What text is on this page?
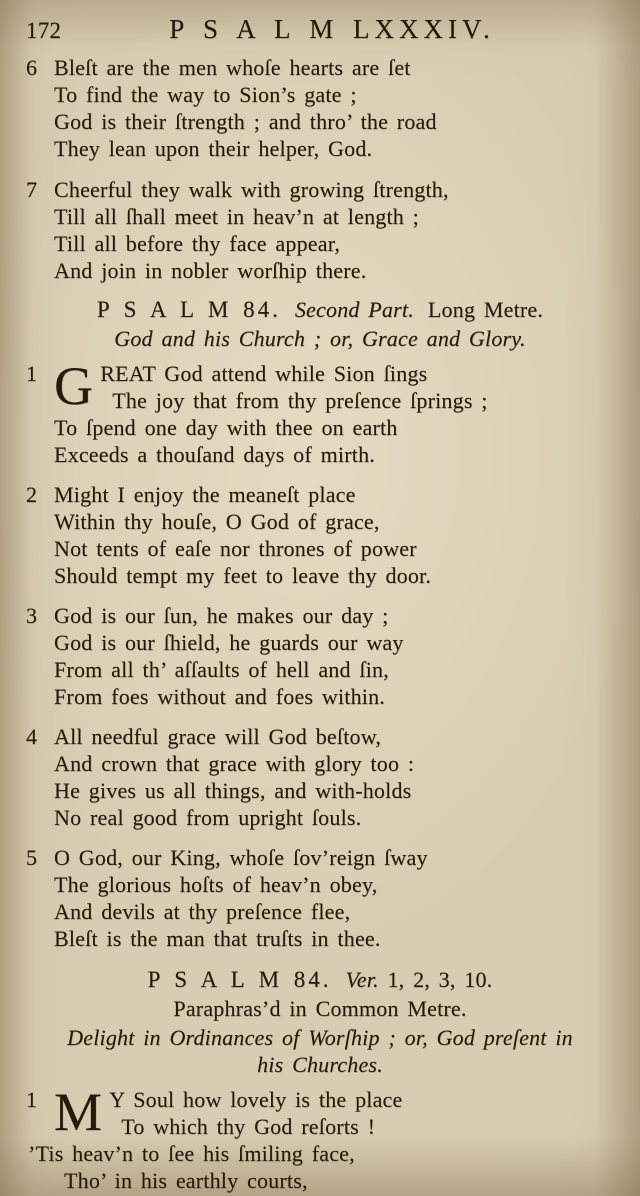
172	P S A L M LXXXIV.
6 Bleſt are the men whoſe hearts are ſet
To find the way to Sion’s gate ;
God is their ſtrength ; and thro’ the road
They lean upon their helper, God.
7 Cheerful they walk with growing ſtrength,
Till all ſhall meet in heav’n at length ;
Till all before thy face appear,
And join in nobler worſhip there.
P S A L M 84. Second Part. Long Metre.
God and his Church ; or, Grace and Glory.
1 G REAT God attend while Sion ſings
The joy that from thy preſence ſprings ;
To ſpend one day with thee on earth
Exceeds a thouſand days of mirth.
2 Might I enjoy the meaneſt place
Within thy houſe, O God of grace,
Not tents of eaſe nor thrones of power
Should tempt my feet to leave thy door.
3 God is our ſun, he makes our day ;
God is our ſhield, he guards our way
From all th’ aſſaults of hell and ſin,
From foes without and foes within.
4 All needful grace will God beſtow,
And crown that grace with glory too :
He gives us all things, and with-holds
No real good from upright ſouls.
5 O God, our King, whoſe ſov’reign ſway
The glorious hoſts of heav’n obey,
And devils at thy preſence flee,
Bleſt is the man that truſts in thee.
P S A L M 84. Ver. 1, 2, 3, 10.
Paraphras’d in Common Metre.
Delight in Ordinances of Worſhip ; or, God preſent in
his Churches.
1 M Y Soul how lovely is the place
To which thy God reſorts !
’Tis heav’n to ſee his ſmiling face,
Tho’ in his earthly courts,
